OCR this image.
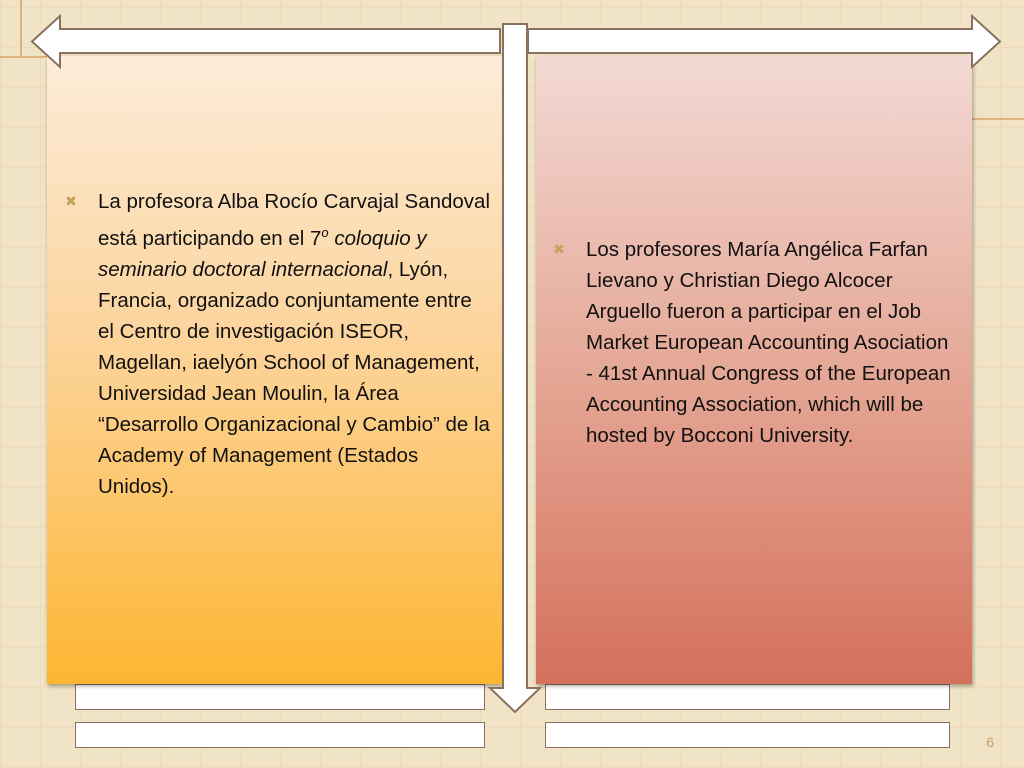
✖ La profesora Alba Rocío Carvajal Sandoval está participando en el 7$^o$ coloquio y seminario doctoral internacional, Lyón, Francia, organizado conjuntamente entre el Centro de investigación ISEOR, Magellan, iaelyón School of Management, Universidad Jean Moulin, la Área “Desarrollo Organizacional y Cambio” de la Academy of Management (Estados Unidos).
✖ Los profesores María Angélica Farfan Lievano y Christian Diego Alcocer Arguello fueron a participar en el Job Market European Accounting Asociation - 41st Annual Congress of the European Accounting Association, which will be hosted by Bocconi University.
6
